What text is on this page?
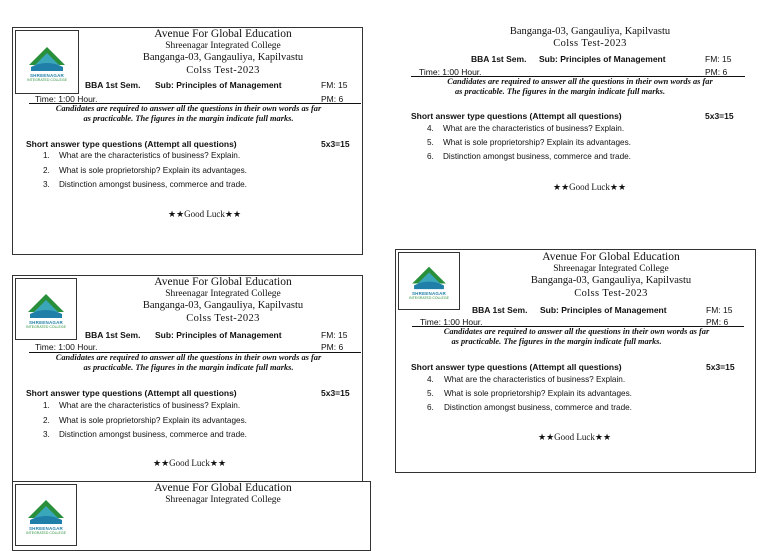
SHREENAGAR
INTEGRATED COLLEGE
Avenue For Global Education
Shreenagar Integrated College
Banganga-03, Gangauliya, Kapilvastu
Colss Test-2023
BBA 1st Sem. Sub: Principles of Management	FM: 15
Time: 1:00 Hour.	PM: 6
Candidates are required to answer all the questions in their own words as far
as practicable. The figures in the margin indicate full marks.
Short answer type questions (Attempt all questions)	5x3=15
1. What are the characteristics of business? Explain.
2. What is sole proprietorship? Explain its advantages.
3. Distinction amongst business, commerce and trade.
★★Good Luck★★
Banganga-03, Gangauliya, Kapilvastu
Colss Test-2023
BBA 1st Sem. Sub: Principles of Management	FM: 15
Time: 1:00 Hour.	PM: 6
Candidates are required to answer all the questions in their own words as far
as practicable. The figures in the margin indicate full marks.
Short answer type questions (Attempt all questions)	5x3=15
4. What are the characteristics of business? Explain.
5. What is sole proprietorship? Explain its advantages.
6. Distinction amongst business, commerce and trade.
★★Good Luck★★
SHREENAGAR
INTEGRATED COLLEGE
Avenue For Global Education
Shreenagar Integrated College
Banganga-03, Gangauliya, Kapilvastu
Colss Test-2023
BBA 1st Sem. Sub: Principles of Management	FM: 15
Time: 1:00 Hour.	PM: 6
Candidates are required to answer all the questions in their own words as far
as practicable. The figures in the margin indicate full marks.
Short answer type questions (Attempt all questions)	5x3=15
1. What are the characteristics of business? Explain.
2. What is sole proprietorship? Explain its advantages.
3. Distinction amongst business, commerce and trade.
★★Good Luck★★
SHREENAGAR
INTEGRATED COLLEGE
Avenue For Global Education
Shreenagar Integrated College
Banganga-03, Gangauliya, Kapilvastu
Colss Test-2023
BBA 1st Sem. Sub: Principles of Management	FM: 15
Time: 1:00 Hour.	PM: 6
Candidates are required to answer all the questions in their own words as far
as practicable. The figures in the margin indicate full marks.
Short answer type questions (Attempt all questions)	5x3=15
4. What are the characteristics of business? Explain.
5. What is sole proprietorship? Explain its advantages.
6. Distinction amongst business, commerce and trade.
★★Good Luck★★
SHREENAGAR
INTEGRATED COLLEGE
Avenue For Global Education
Shreenagar Integrated College
